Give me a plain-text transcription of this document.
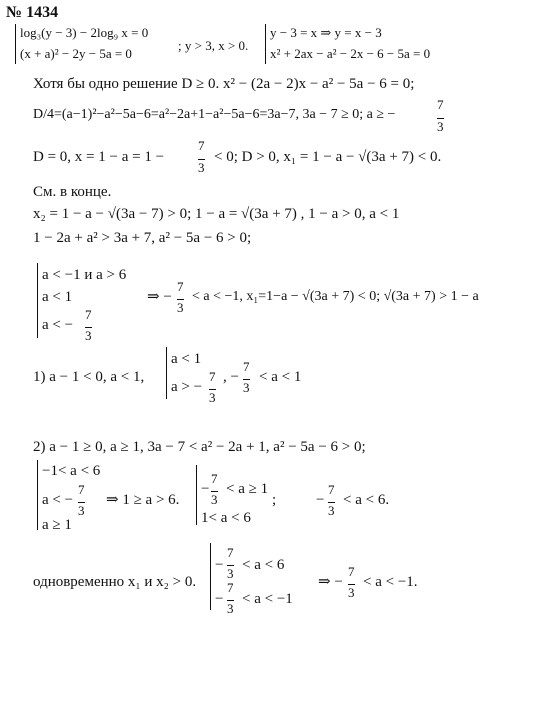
№ 1434
log₃(y − 3) − 2log₉ x = 0
(x + a)² − 2y − 5a = 0
; y > 3, x > 0.
y − 3 = x ⇒ y = x − 3
x² + 2ax − a² − 2x − 6 − 5a = 0
Хотя бы одно решение D ≥ 0. x² − (2a − 2)x − a² − 5a − 6 = 0;
D/4=(a−1)²−a²−5a−6=a²−2a+1−a²−5a−6=3a−7, 3a − 7 ≥ 0; a ≥ −
7
3
D = 0, x = 1 − a = 1 −
7
3
< 0; D > 0, x₁ = 1 − a − √(3a + 7) < 0.
См. в конце.
x₂ = 1 − a − √(3a − 7) > 0; 1 − a = √(3a + 7) , 1 − a > 0, a < 1
1 − 2a + a² > 3a + 7, a² − 5a − 6 > 0;
a < −1 и a > 6
a < 1
a < −
7
3
⇒ −
7
3
< a < −1, x₁=1−a − √(3a + 7) < 0; √(3a + 7) > 1 − a
1) a − 1 < 0, a < 1,
a < 1
a > −
7
3
, −
7
3
< a < 1
2) a − 1 ≥ 0, a ≥ 1, 3a − 7 < a² − 2a + 1, a² − 5a − 6 > 0;
−1< a < 6
a < −
7
3
a ≥ 1
⇒ 1 ≥ a > 6.
−
7
3
< a ≥ 1
1< a < 6
;	−
7
3
< a < 6.
одновременно x₁ и x₂ > 0.
−
7
3
< a < 6
−
7
3
< a < −1
⇒ −
7
3
< a < −1.
